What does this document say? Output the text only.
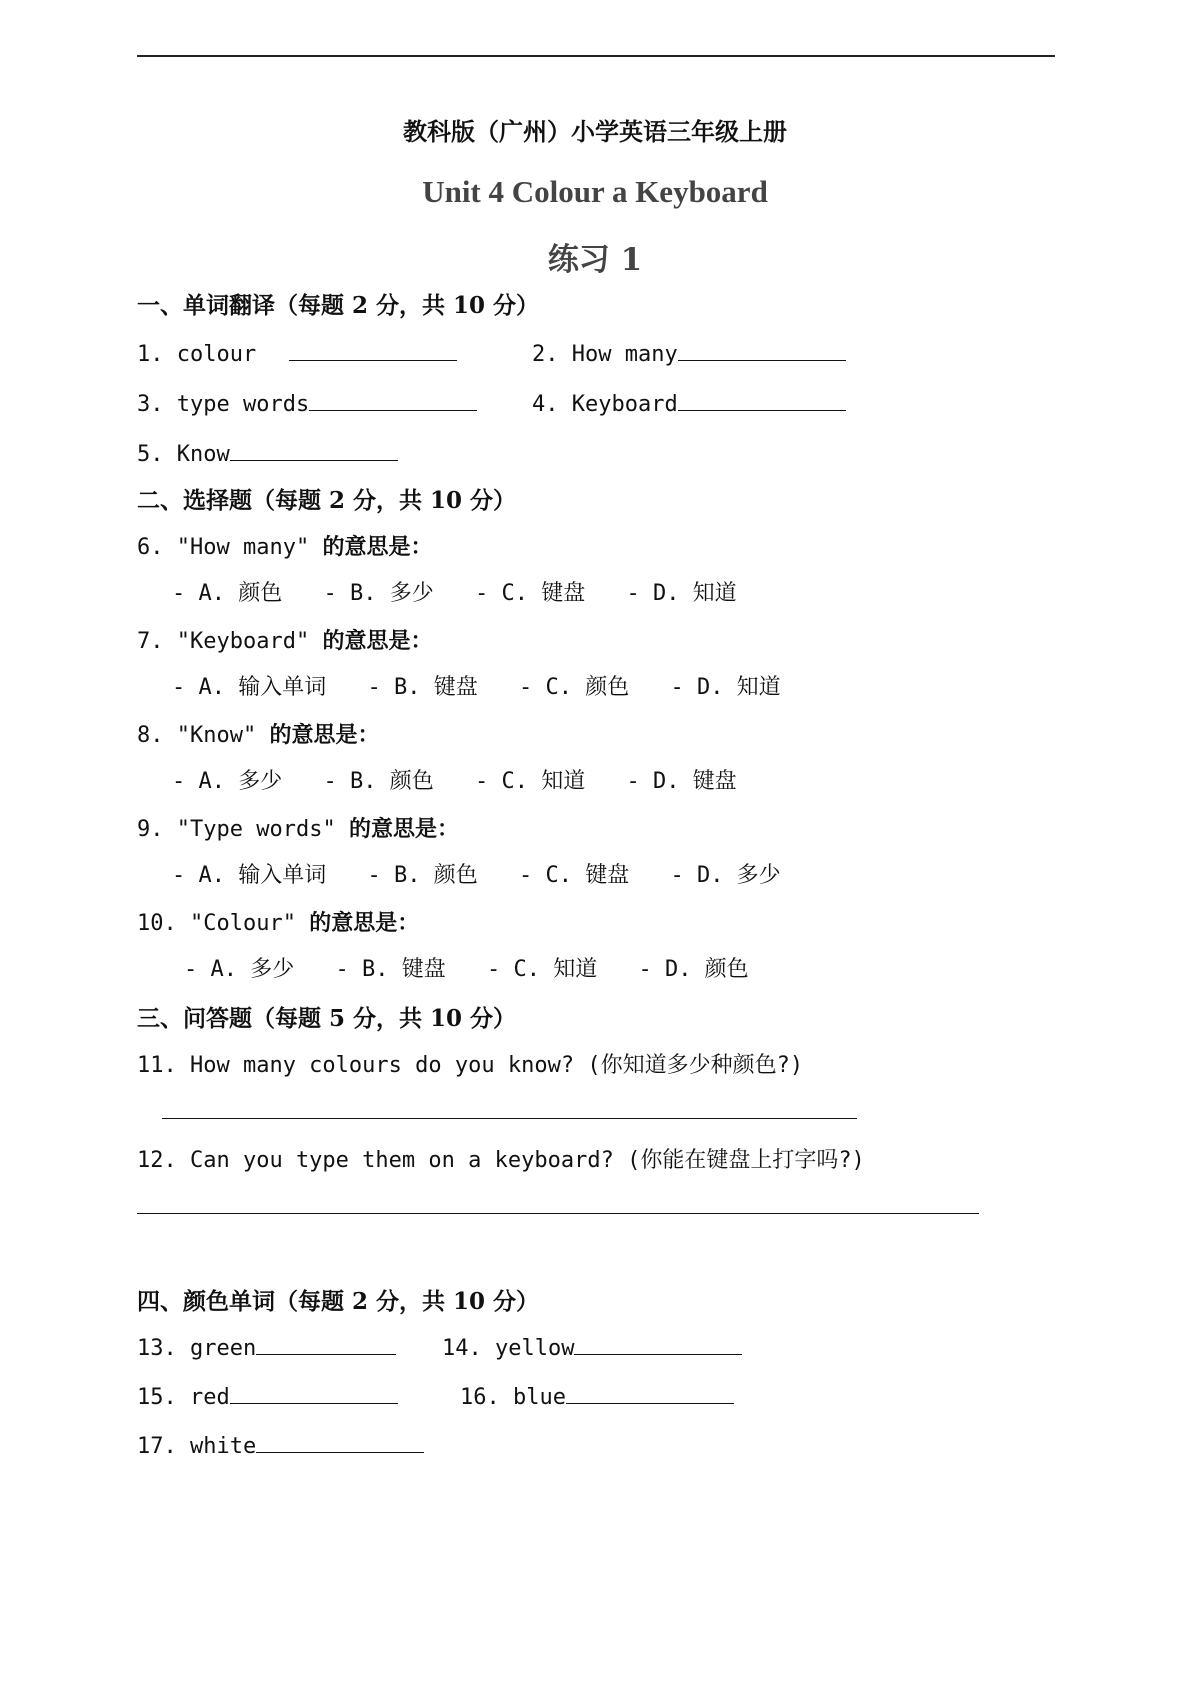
教科版（广州）小学英语三年级上册
Unit 4 Colour a Keyboard
练习 1
一、单词翻译（每题 2 分，共 10 分）
1. colour	2. How many
3. type words	4. Keyboard
5. Know
二、选择题（每题 2 分，共 10 分）
6. "How many" 的意思是：
- A. 颜色 - B. 多少 - C. 键盘 - D. 知道
7. "Keyboard" 的意思是：
- A. 输入单词 - B. 键盘 - C. 颜色 - D. 知道
8. "Know" 的意思是：
- A. 多少 - B. 颜色 - C. 知道 - D. 键盘
9. "Type words" 的意思是：
- A. 输入单词 - B. 颜色 - C. 键盘 - D. 多少
10. "Colour" 的意思是：
- A. 多少 - B. 键盘 - C. 知道 - D. 颜色
三、问答题（每题 5 分，共 10 分）
11. How many colours do you know? (你知道多少种颜色?)
12. Can you type them on a keyboard? (你能在键盘上打字吗?)
四、颜色单词（每题 2 分，共 10 分）
13. green	14. yellow
15. red	16. blue
17. white
